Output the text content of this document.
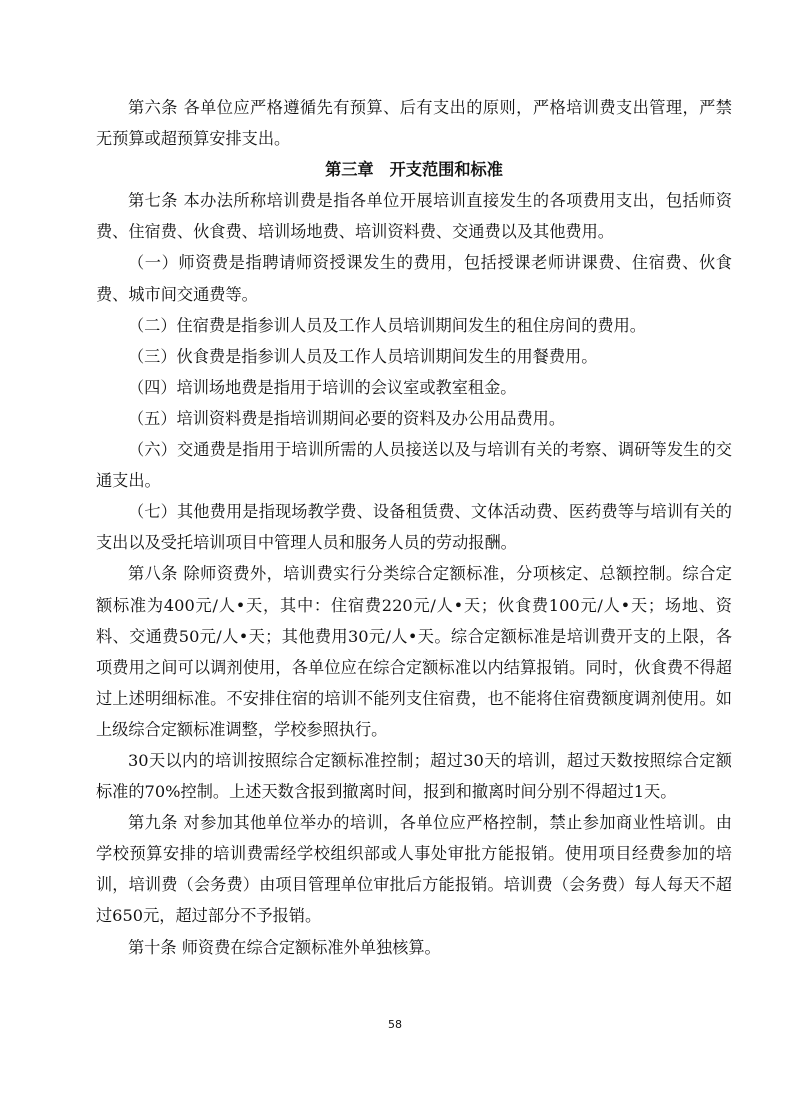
第六条 各单位应严格遵循先有预算、后有支出的原则，严格培训费支出管理，严禁无预算或超预算安排支出。

第三章 开支范围和标准

第七条 本办法所称培训费是指各单位开展培训直接发生的各项费用支出，包括师资费、住宿费、伙食费、培训场地费、培训资料费、交通费以及其他费用。

（一）师资费是指聘请师资授课发生的费用，包括授课老师讲课费、住宿费、伙食费、城市间交通费等。

（二）住宿费是指参训人员及工作人员培训期间发生的租住房间的费用。

（三）伙食费是指参训人员及工作人员培训期间发生的用餐费用。

（四）培训场地费是指用于培训的会议室或教室租金。

（五）培训资料费是指培训期间必要的资料及办公用品费用。

（六）交通费是指用于培训所需的人员接送以及与培训有关的考察、调研等发生的交通支出。

（七）其他费用是指现场教学费、设备租赁费、文体活动费、医药费等与培训有关的支出以及受托培训项目中管理人员和服务人员的劳动报酬。

第八条 除师资费外，培训费实行分类综合定额标准，分项核定、总额控制。综合定额标准为400元/人•天，其中：住宿费220元/人•天；伙食费100元/人•天；场地、资料、交通费50元/人•天；其他费用30元/人•天。综合定额标准是培训费开支的上限，各项费用之间可以调剂使用，各单位应在综合定额标准以内结算报销。同时，伙食费不得超过上述明细标准。不安排住宿的培训不能列支住宿费，也不能将住宿费额度调剂使用。如上级综合定额标准调整，学校参照执行。

30天以内的培训按照综合定额标准控制；超过30天的培训，超过天数按照综合定额标准的70%控制。上述天数含报到撤离时间，报到和撤离时间分别不得超过1天。

第九条 对参加其他单位举办的培训，各单位应严格控制，禁止参加商业性培训。由学校预算安排的培训费需经学校组织部或人事处审批方能报销。使用项目经费参加的培训，培训费（会务费）由项目管理单位审批后方能报销。培训费（会务费）每人每天不超过650元，超过部分不予报销。

第十条 师资费在综合定额标准外单独核算。

58
